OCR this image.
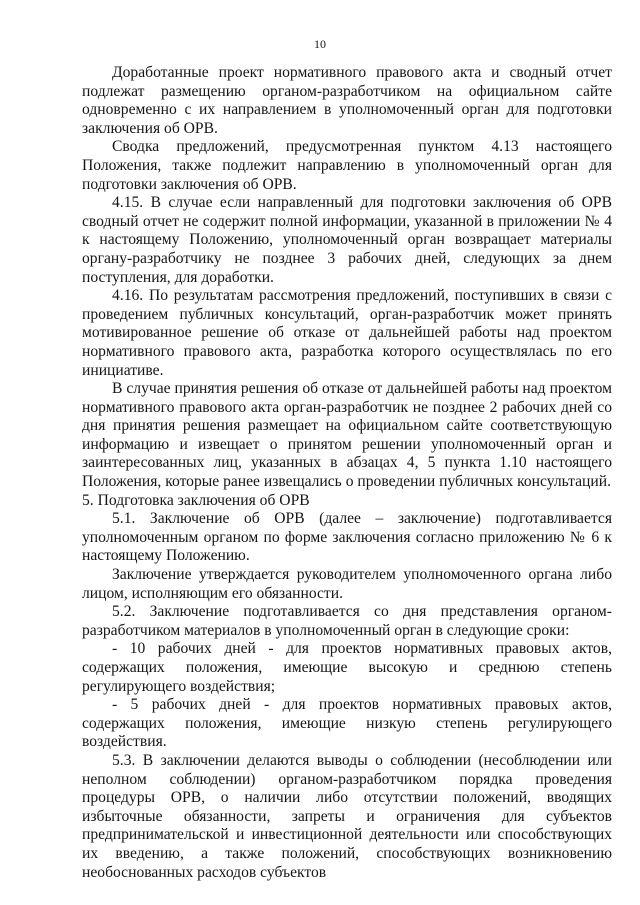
10

Доработанные проект нормативного правового акта и сводный отчет подлежат размещению органом-разработчиком на официальном сайте одновременно с их направлением в уполномоченный орган для подготовки заключения об ОРВ.

Сводка предложений, предусмотренная пунктом 4.13 настоящего Положения, также подлежит направлению в уполномоченный орган для подготовки заключения об ОРВ.

4.15. В случае если направленный для подготовки заключения об ОРВ сводный отчет не содержит полной информации, указанной в приложении № 4 к настоящему Положению, уполномоченный орган возвращает материалы органу-разработчику не позднее 3 рабочих дней, следующих за днем поступления, для доработки.

4.16. По результатам рассмотрения предложений, поступивших в связи с проведением публичных консультаций, орган-разработчик может принять мотивированное решение об отказе от дальнейшей работы над проектом нормативного правового акта, разработка которого осуществлялась по его инициативе.

В случае принятия решения об отказе от дальнейшей работы над проектом нормативного правового акта орган-разработчик не позднее 2 рабочих дней со дня принятия решения размещает на официальном сайте соответствующую информацию и извещает о принятом решении уполномоченный орган и заинтересованных лиц, указанных в абзацах 4, 5 пункта 1.10 настоящего Положения, которые ранее извещались о проведении публичных консультаций.

5. Подготовка заключения об ОРВ

5.1. Заключение об ОРВ (далее – заключение) подготавливается уполномоченным органом по форме заключения согласно приложению № 6 к настоящему Положению.

Заключение утверждается руководителем уполномоченного органа либо лицом, исполняющим его обязанности.

5.2. Заключение подготавливается со дня представления органом-разработчиком материалов в уполномоченный орган в следующие сроки:

- 10 рабочих дней - для проектов нормативных правовых актов, содержащих положения, имеющие высокую и среднюю степень регулирующего воздействия;

- 5 рабочих дней - для проектов нормативных правовых актов, содержащих положения, имеющие низкую степень регулирующего воздействия.

5.3. В заключении делаются выводы о соблюдении (несоблюдении или неполном соблюдении) органом-разработчиком порядка проведения процедуры ОРВ, о наличии либо отсутствии положений, вводящих избыточные обязанности, запреты и ограничения для субъектов предпринимательской и инвестиционной деятельности или способствующих их введению, а также положений, способствующих возникновению необоснованных расходов субъектов
